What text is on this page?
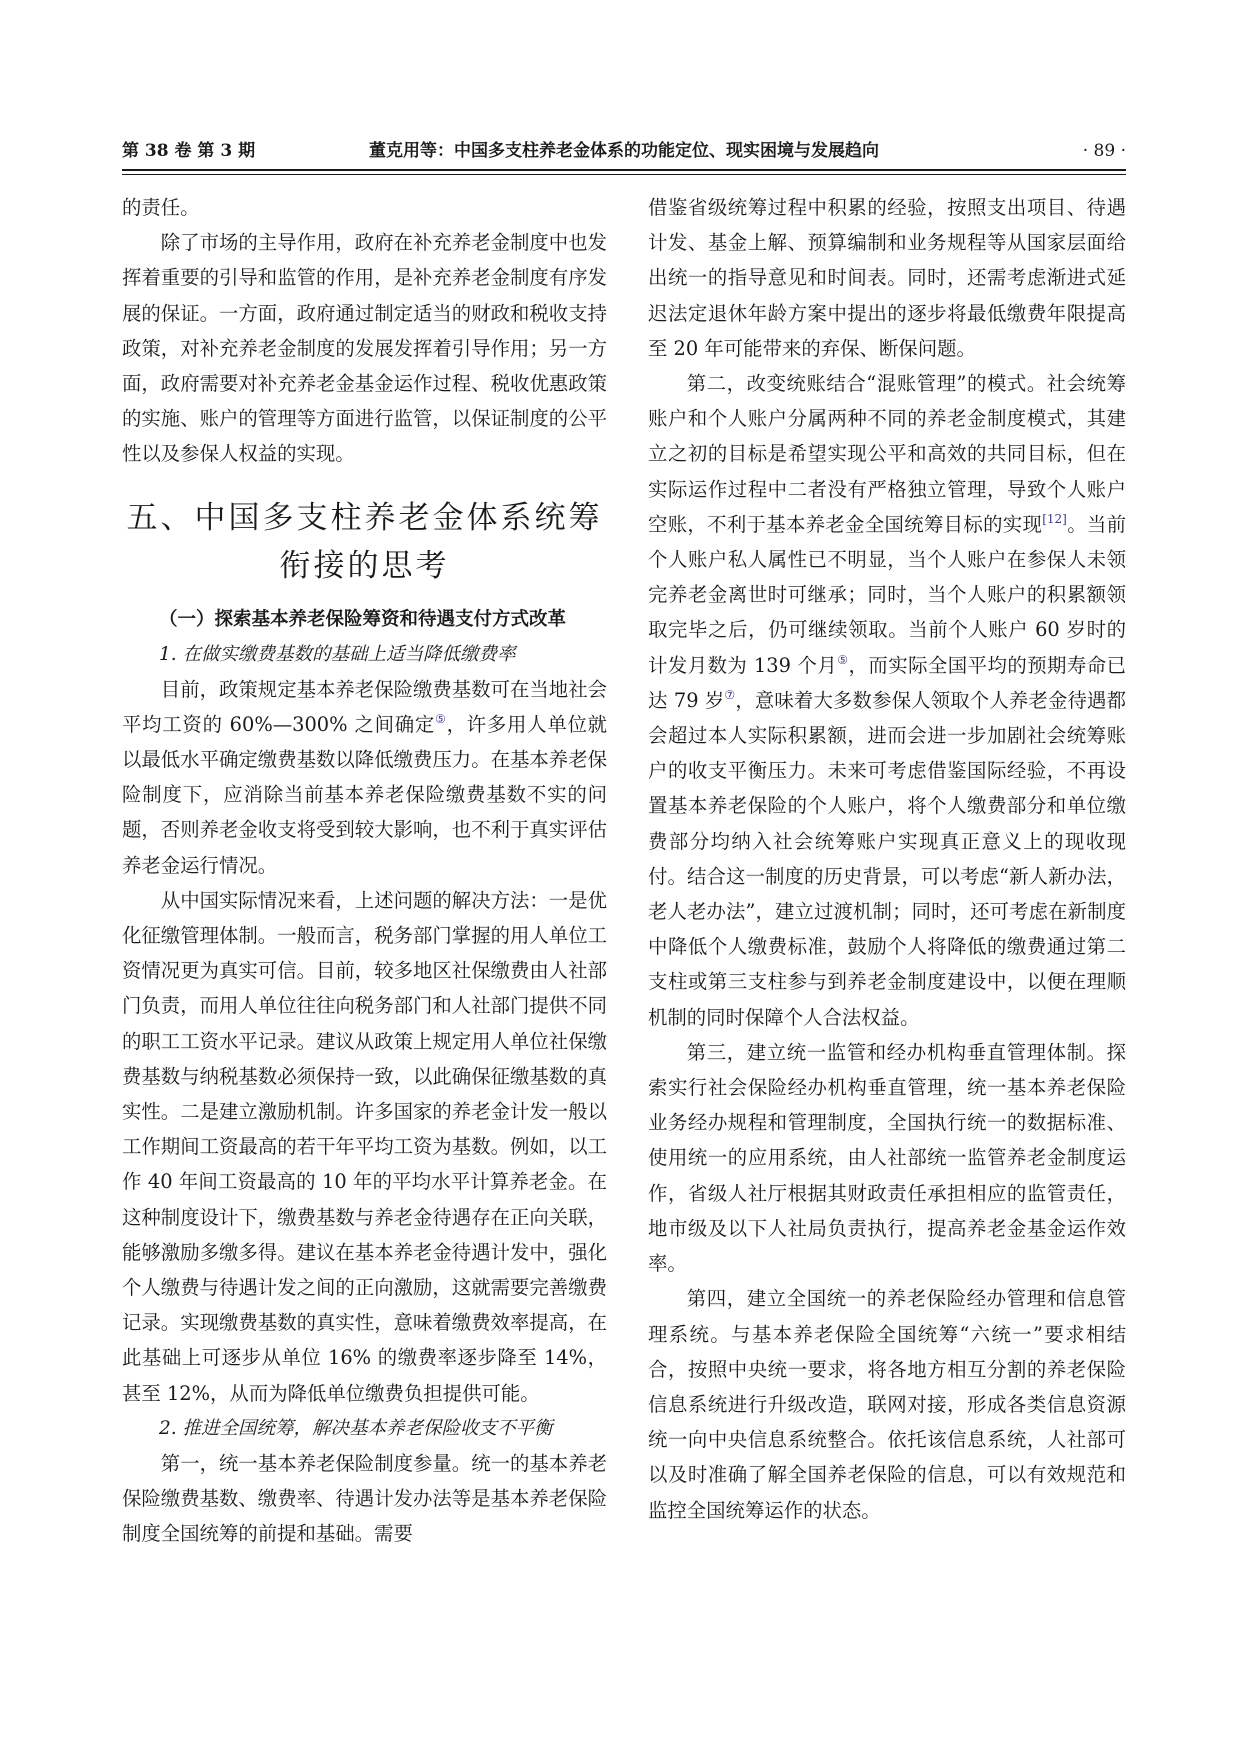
第 38 卷 第 3 期	董克用等：中国多支柱养老金体系的功能定位、现实困境与发展趋向	· 89 ·

的责任。

除了市场的主导作用，政府在补充养老金制度中也发挥着重要的引导和监管的作用，是补充养老金制度有序发展的保证。一方面，政府通过制定适当的财政和税收支持政策，对补充养老金制度的发展发挥着引导作用；另一方面，政府需要对补充养老金基金运作过程、税收优惠政策的实施、账户的管理等方面进行监管，以保证制度的公平性以及参保人权益的实现。

五、中国多支柱养老金体系统筹
衔接的思考

（一）探索基本养老保险筹资和待遇支付方式改革

1. 在做实缴费基数的基础上适当降低缴费率

目前，政策规定基本养老保险缴费基数可在当地社会平均工资的 60%—300% 之间确定⑤，许多用人单位就以最低水平确定缴费基数以降低缴费压力。在基本养老保险制度下，应消除当前基本养老保险缴费基数不实的问题，否则养老金收支将受到较大影响，也不利于真实评估养老金运行情况。

从中国实际情况来看，上述问题的解决方法：一是优化征缴管理体制。一般而言，税务部门掌握的用人单位工资情况更为真实可信。目前，较多地区社保缴费由人社部门负责，而用人单位往往向税务部门和人社部门提供不同的职工工资水平记录。建议从政策上规定用人单位社保缴费基数与纳税基数必须保持一致，以此确保征缴基数的真实性。二是建立激励机制。许多国家的养老金计发一般以工作期间工资最高的若干年平均工资为基数。例如，以工作 40 年间工资最高的 10 年的平均水平计算养老金。在这种制度设计下，缴费基数与养老金待遇存在正向关联，能够激励多缴多得。建议在基本养老金待遇计发中，强化个人缴费与待遇计发之间的正向激励，这就需要完善缴费记录。实现缴费基数的真实性，意味着缴费效率提高，在此基础上可逐步从单位 16% 的缴费率逐步降至 14%，甚至 12%，从而为降低单位缴费负担提供可能。

2. 推进全国统筹，解决基本养老保险收支不平衡

第一，统一基本养老保险制度参量。统一的基本养老保险缴费基数、缴费率、待遇计发办法等是基本养老保险制度全国统筹的前提和基础。需要

借鉴省级统筹过程中积累的经验，按照支出项目、待遇计发、基金上解、预算编制和业务规程等从国家层面给出统一的指导意见和时间表。同时，还需考虑渐进式延迟法定退休年龄方案中提出的逐步将最低缴费年限提高至 20 年可能带来的弃保、断保问题。

第二，改变统账结合“混账管理”的模式。社会统筹账户和个人账户分属两种不同的养老金制度模式，其建立之初的目标是希望实现公平和高效的共同目标，但在实际运作过程中二者没有严格独立管理，导致个人账户空账，不利于基本养老金全国统筹目标的实现[12]。当前个人账户私人属性已不明显，当个人账户在参保人未领完养老金离世时可继承；同时，当个人账户的积累额领取完毕之后，仍可继续领取。当前个人账户 60 岁时的计发月数为 139 个月⑤，而实际全国平均的预期寿命已达 79 岁⑦，意味着大多数参保人领取个人养老金待遇都会超过本人实际积累额，进而会进一步加剧社会统筹账户的收支平衡压力。未来可考虑借鉴国际经验，不再设置基本养老保险的个人账户，将个人缴费部分和单位缴费部分均纳入社会统筹账户实现真正意义上的现收现付。结合这一制度的历史背景，可以考虑“新人新办法，老人老办法”，建立过渡机制；同时，还可考虑在新制度中降低个人缴费标准，鼓励个人将降低的缴费通过第二支柱或第三支柱参与到养老金制度建设中，以便在理顺机制的同时保障个人合法权益。

第三，建立统一监管和经办机构垂直管理体制。探索实行社会保险经办机构垂直管理，统一基本养老保险业务经办规程和管理制度，全国执行统一的数据标准、使用统一的应用系统，由人社部统一监管养老金制度运作，省级人社厅根据其财政责任承担相应的监管责任，地市级及以下人社局负责执行，提高养老金基金运作效率。

第四，建立全国统一的养老保险经办管理和信息管理系统。与基本养老保险全国统筹“六统一”要求相结合，按照中央统一要求，将各地方相互分割的养老保险信息系统进行升级改造，联网对接，形成各类信息资源统一向中央信息系统整合。依托该信息系统，人社部可以及时准确了解全国养老保险的信息，可以有效规范和监控全国统筹运作的状态。
